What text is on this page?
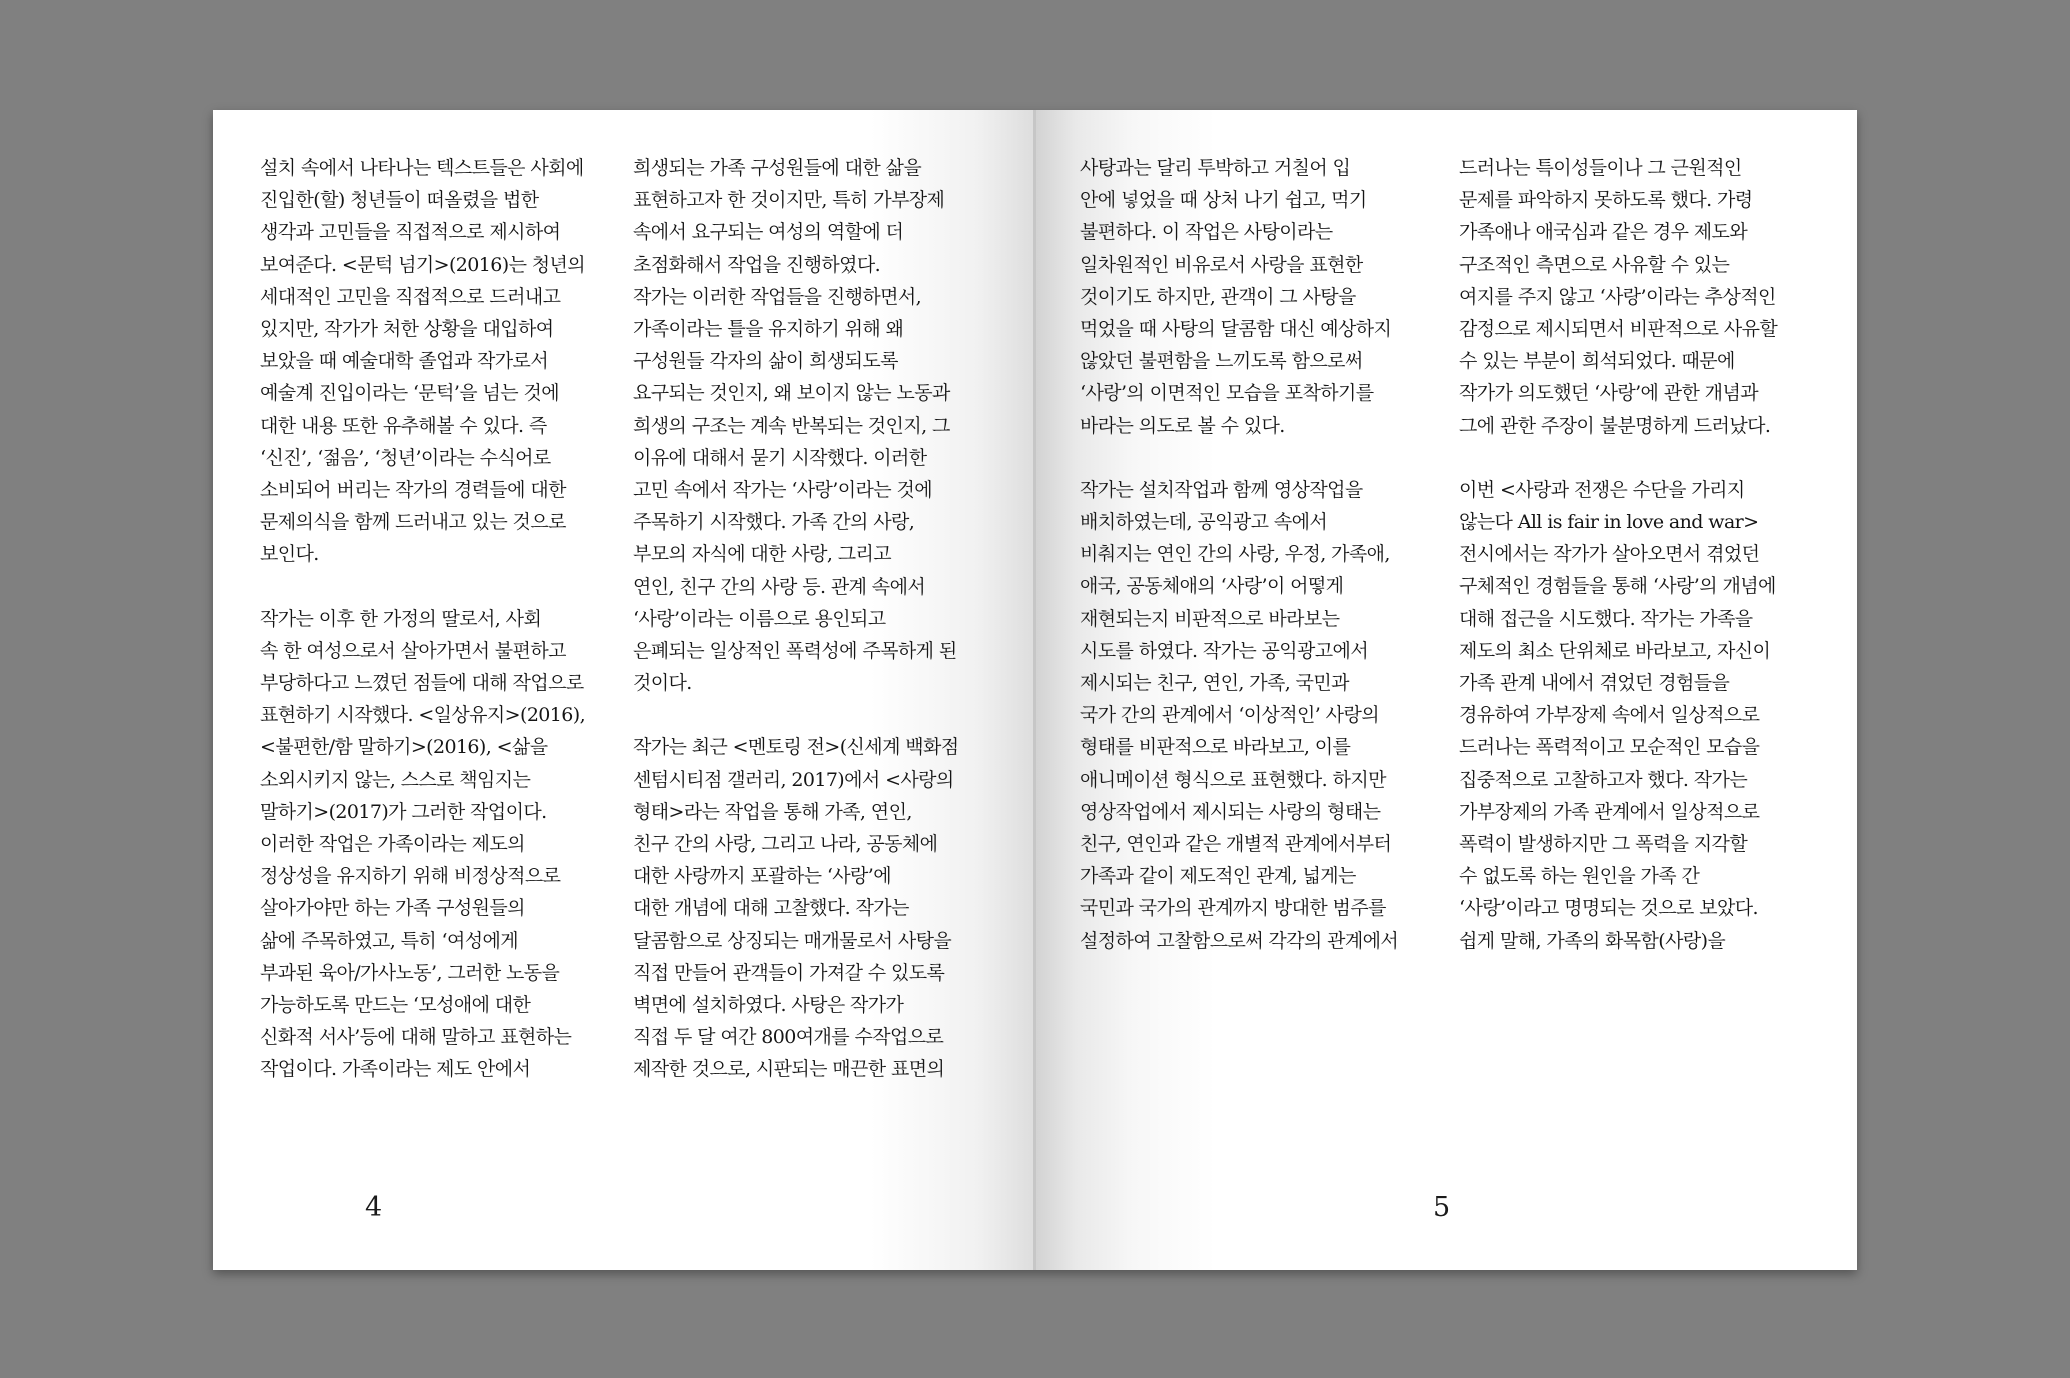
설치 속에서 나타나는 텍스트들은 사회에
진입한(할) 청년들이 떠올렸을 법한
생각과 고민들을 직접적으로 제시하여
보여준다. <문턱 넘기>(2016)는 청년의
세대적인 고민을 직접적으로 드러내고
있지만, 작가가 처한 상황을 대입하여
보았을 때 예술대학 졸업과 작가로서
예술계 진입이라는 ‘문턱’을 넘는 것에
대한 내용 또한 유추해볼 수 있다. 즉
‘신진’, ‘젊음’, ‘청년’이라는 수식어로
소비되어 버리는 작가의 경력들에 대한
문제의식을 함께 드러내고 있는 것으로
보인다.

작가는 이후 한 가정의 딸로서, 사회
속 한 여성으로서 살아가면서 불편하고
부당하다고 느꼈던 점들에 대해 작업으로
표현하기 시작했다. <일상유지>(2016),
<불편한/함 말하기>(2016), <삶을
소외시키지 않는, 스스로 책임지는
말하기>(2017)가 그러한 작업이다.
이러한 작업은 가족이라는 제도의
정상성을 유지하기 위해 비정상적으로
살아가야만 하는 가족 구성원들의
삶에 주목하였고, 특히 ‘여성에게
부과된 육아/가사노동’, 그러한 노동을
가능하도록 만드는 ‘모성애에 대한
신화적 서사’등에 대해 말하고 표현하는
작업이다. 가족이라는 제도 안에서

희생되는 가족 구성원들에 대한 삶을
표현하고자 한 것이지만, 특히 가부장제
속에서 요구되는 여성의 역할에 더
초점화해서 작업을 진행하였다.
작가는 이러한 작업들을 진행하면서,
가족이라는 틀을 유지하기 위해 왜
구성원들 각자의 삶이 희생되도록
요구되는 것인지, 왜 보이지 않는 노동과
희생의 구조는 계속 반복되는 것인지, 그
이유에 대해서 묻기 시작했다. 이러한
고민 속에서 작가는 ‘사랑’이라는 것에
주목하기 시작했다. 가족 간의 사랑,
부모의 자식에 대한 사랑, 그리고
연인, 친구 간의 사랑 등. 관계 속에서
‘사랑’이라는 이름으로 용인되고
은폐되는 일상적인 폭력성에 주목하게 된
것이다.

작가는 최근 <멘토링 전>(신세계 백화점
센텀시티점 갤러리, 2017)에서 <사랑의
형태>라는 작업을 통해 가족, 연인,
친구 간의 사랑, 그리고 나라, 공동체에
대한 사랑까지 포괄하는 ‘사랑’에
대한 개념에 대해 고찰했다. 작가는
달콤함으로 상징되는 매개물로서 사탕을
직접 만들어 관객들이 가져갈 수 있도록
벽면에 설치하였다. 사탕은 작가가
직접 두 달 여간 800여개를 수작업으로
제작한 것으로, 시판되는 매끈한 표면의

4

사탕과는 달리 투박하고 거칠어 입
안에 넣었을 때 상처 나기 쉽고, 먹기
불편하다. 이 작업은 사탕이라는
일차원적인 비유로서 사랑을 표현한
것이기도 하지만, 관객이 그 사탕을
먹었을 때 사탕의 달콤함 대신 예상하지
않았던 불편함을 느끼도록 함으로써
‘사랑’의 이면적인 모습을 포착하기를
바라는 의도로 볼 수 있다.

작가는 설치작업과 함께 영상작업을
배치하였는데, 공익광고 속에서
비춰지는 연인 간의 사랑, 우정, 가족애,
애국, 공동체애의 ‘사랑’이 어떻게
재현되는지 비판적으로 바라보는
시도를 하였다. 작가는 공익광고에서
제시되는 친구, 연인, 가족, 국민과
국가 간의 관계에서 ‘이상적인’ 사랑의
형태를 비판적으로 바라보고, 이를
애니메이션 형식으로 표현했다. 하지만
영상작업에서 제시되는 사랑의 형태는
친구, 연인과 같은 개별적 관계에서부터
가족과 같이 제도적인 관계, 넓게는
국민과 국가의 관계까지 방대한 범주를
설정하여 고찰함으로써 각각의 관계에서

드러나는 특이성들이나 그 근원적인
문제를 파악하지 못하도록 했다. 가령
가족애나 애국심과 같은 경우 제도와
구조적인 측면으로 사유할 수 있는
여지를 주지 않고 ‘사랑’이라는 추상적인
감정으로 제시되면서 비판적으로 사유할
수 있는 부분이 희석되었다. 때문에
작가가 의도했던 ‘사랑’에 관한 개념과
그에 관한 주장이 불분명하게 드러났다.

이번 <사랑과 전쟁은 수단을 가리지
않는다 All is fair in love and war>
전시에서는 작가가 살아오면서 겪었던
구체적인 경험들을 통해 ‘사랑’의 개념에
대해 접근을 시도했다. 작가는 가족을
제도의 최소 단위체로 바라보고, 자신이
가족 관계 내에서 겪었던 경험들을
경유하여 가부장제 속에서 일상적으로
드러나는 폭력적이고 모순적인 모습을
집중적으로 고찰하고자 했다. 작가는
가부장제의 가족 관계에서 일상적으로
폭력이 발생하지만 그 폭력을 지각할
수 없도록 하는 원인을 가족 간
‘사랑’이라고 명명되는 것으로 보았다.
쉽게 말해, 가족의 화목함(사랑)을

5
